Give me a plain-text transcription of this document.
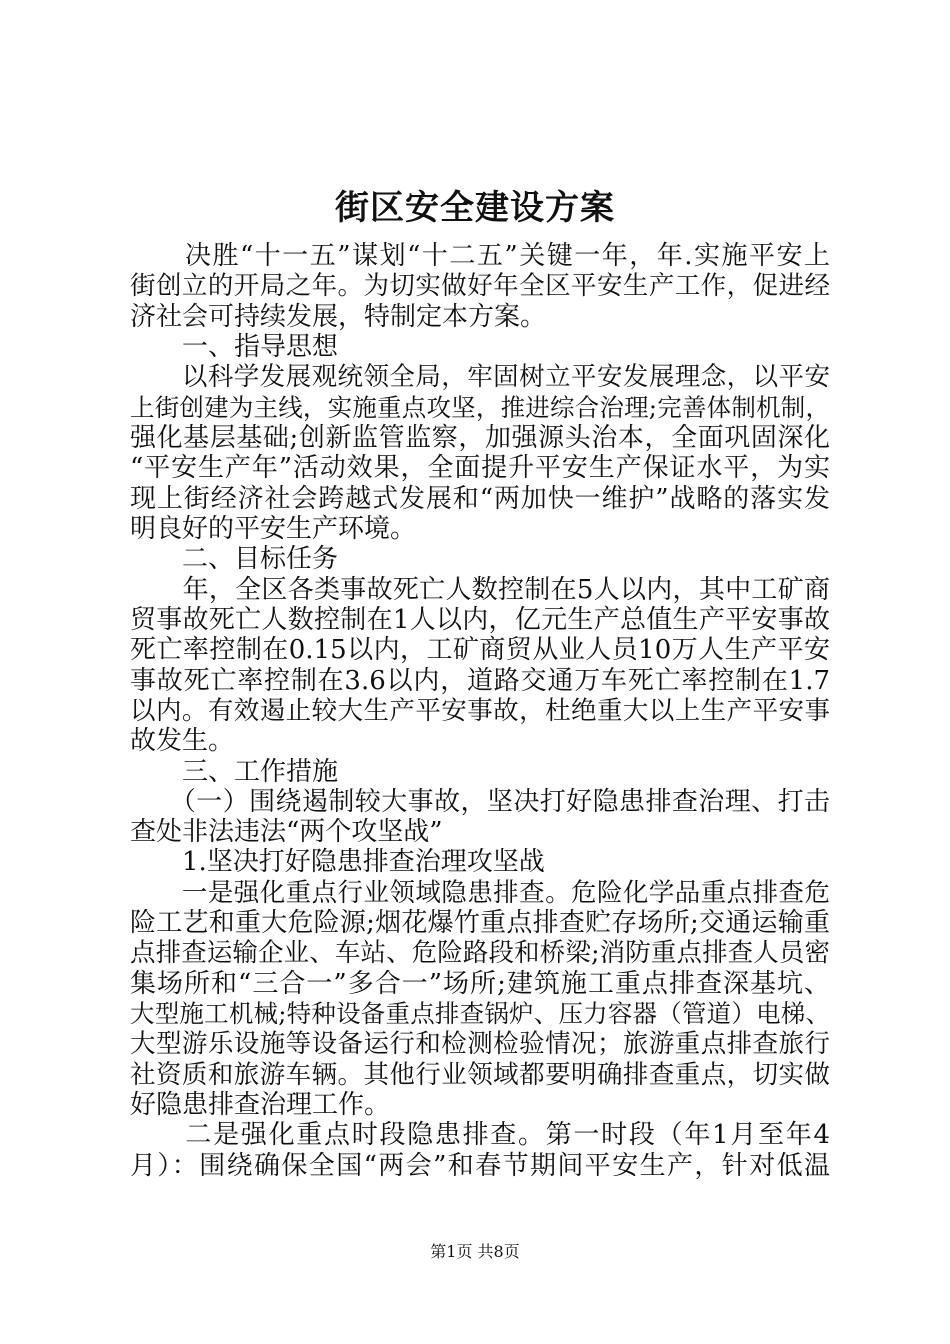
街区安全建设方案
　　决胜“十一五”谋划“十二五”关键一年，年.实施平安上
街创立的开局之年。为切实做好年全区平安生产工作，促进经
济社会可持续发展，特制定本方案。
　　一、指导思想
　　以科学发展观统领全局，牢固树立平安发展理念，以平安
上街创建为主线，实施重点攻坚，推进综合治理;完善体制机制，
强化基层基础;创新监管监察，加强源头治本，全面巩固深化
“平安生产年”活动效果，全面提升平安生产保证水平，为实
现上街经济社会跨越式发展和“两加快一维护”战略的落实发
明良好的平安生产环境。
　　二、目标任务
　　年，全区各类事故死亡人数控制在5人以内，其中工矿商
贸事故死亡人数控制在1人以内，亿元生产总值生产平安事故
死亡率控制在0.15以内，工矿商贸从业人员10万人生产平安
事故死亡率控制在3.6以内，道路交通万车死亡率控制在1.7
以内。有效遏止较大生产平安事故，杜绝重大以上生产平安事
故发生。
　　三、工作措施
　　（一）围绕遏制较大事故，坚决打好隐患排查治理、打击
查处非法违法“两个攻坚战”
　　1.坚决打好隐患排查治理攻坚战
　　一是强化重点行业领域隐患排查。危险化学品重点排查危
险工艺和重大危险源;烟花爆竹重点排查贮存场所;交通运输重
点排查运输企业、车站、危险路段和桥梁;消防重点排查人员密
集场所和“三合一”多合一”场所;建筑施工重点排查深基坑、
大型施工机械;特种设备重点排查锅炉、压力容器（管道）电梯、
大型游乐设施等设备运行和检测检验情况；旅游重点排查旅行
社资质和旅游车辆。其他行业领域都要明确排查重点，切实做
好隐患排查治理工作。
　　二是强化重点时段隐患排查。第一时段（年1月至年4
月）：围绕确保全国“两会”和春节期间平安生产，针对低温
第1页 共8页
